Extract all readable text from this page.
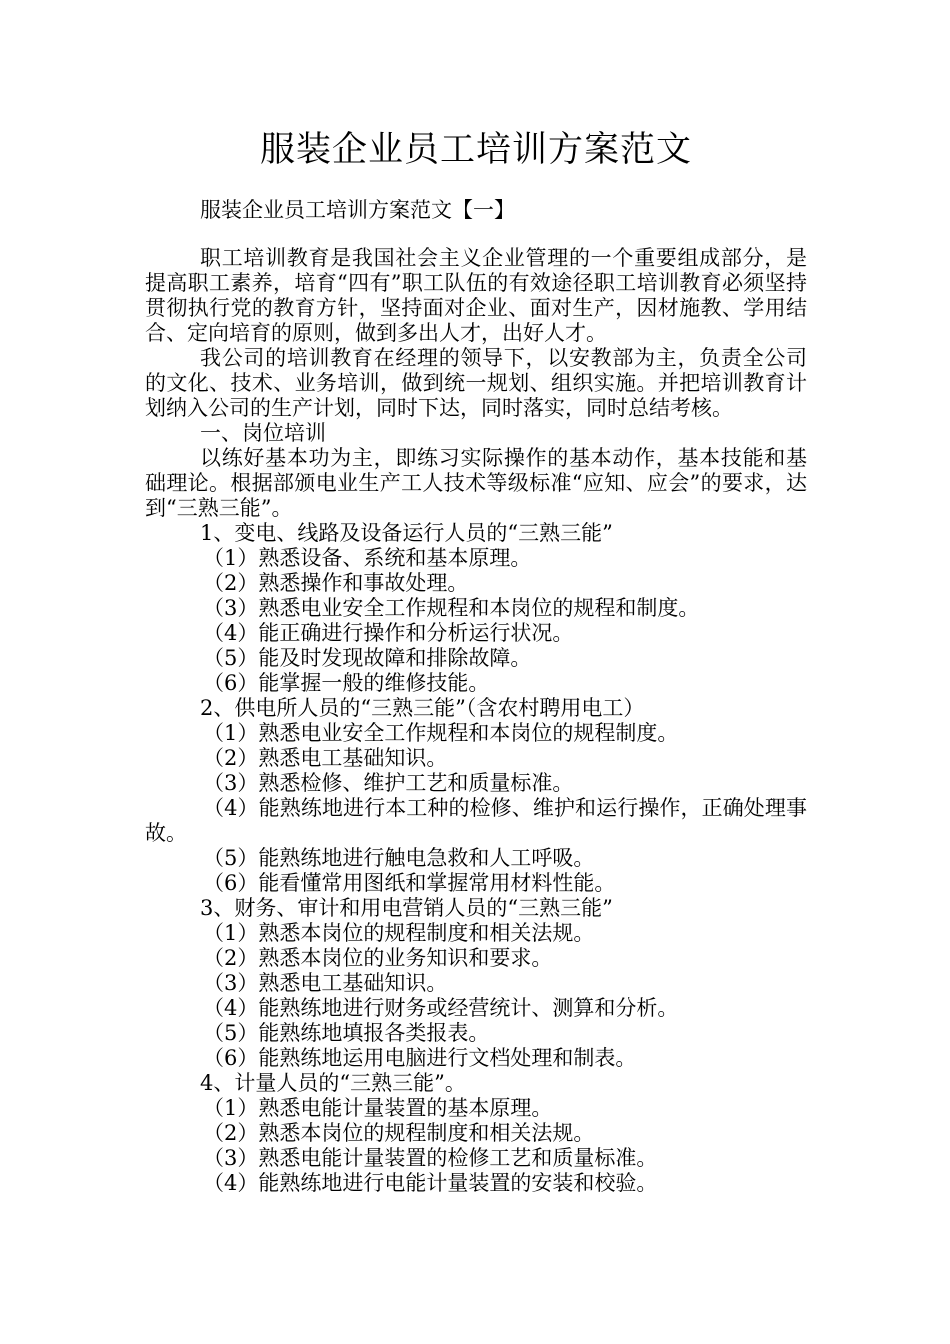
服装企业员工培训方案范文

服装企业员工培训方案范文【一】

职工培训教育是我国社会主义企业管理的一个重要组成部分，是提高职工素养，培育“四有”职工队伍的有效途径职工培训教育必须坚持贯彻执行党的教育方针，坚持面对企业、面对生产，因材施教、学用结合、定向培育的原则，做到多出人才，出好人才。

我公司的培训教育在经理的领导下，以安教部为主，负责全公司的文化、技术、业务培训，做到统一规划、组织实施。并把培训教育计划纳入公司的生产计划，同时下达，同时落实，同时总结考核。

一、岗位培训

以练好基本功为主，即练习实际操作的基本动作，基本技能和基础理论。根据部颁电业生产工人技术等级标准“应知、应会”的要求，达到“三熟三能”。

1、变电、线路及设备运行人员的“三熟三能”

（1）熟悉设备、系统和基本原理。

（2）熟悉操作和事故处理。

（3）熟悉电业安全工作规程和本岗位的规程和制度。

（4）能正确进行操作和分析运行状况。

（5）能及时发现故障和排除故障。

（6）能掌握一般的维修技能。

2、供电所人员的“三熟三能”（含农村聘用电工）

（1）熟悉电业安全工作规程和本岗位的规程制度。

（2）熟悉电工基础知识。

（3）熟悉检修、维护工艺和质量标准。

（4）能熟练地进行本工种的检修、维护和运行操作，正确处理事故。

（5）能熟练地进行触电急救和人工呼吸。

（6）能看懂常用图纸和掌握常用材料性能。

3、财务、审计和用电营销人员的“三熟三能”

（1）熟悉本岗位的规程制度和相关法规。

（2）熟悉本岗位的业务知识和要求。

（3）熟悉电工基础知识。

（4）能熟练地进行财务或经营统计、测算和分析。

（5）能熟练地填报各类报表。

（6）能熟练地运用电脑进行文档处理和制表。

4、计量人员的“三熟三能”。

（1）熟悉电能计量装置的基本原理。

（2）熟悉本岗位的规程制度和相关法规。

（3）熟悉电能计量装置的检修工艺和质量标准。

（4）能熟练地进行电能计量装置的安装和校验。
